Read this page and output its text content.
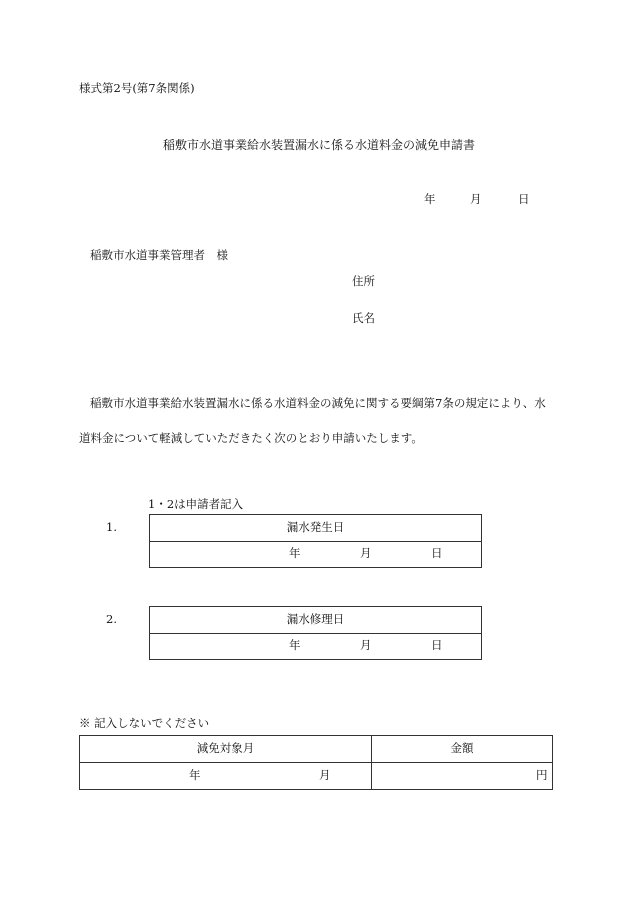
様式第2号(第7条関係)
稲敷市水道事業給水装置漏水に係る水道料金の減免申請書
年	月	日
稲敷市水道事業管理者　様
住所
氏名
稲敷市水道事業給水装置漏水に係る水道料金の減免に関する要綱第7条の規定により、水
道料金について軽減していただきたく次のとおり申請いたします。
1・2は申請者記入
1.	漏水発生日
年	月	日
2.	漏水修理日
年	月	日
※ 記入しないでください
減免対象月	金額
年	月	円
